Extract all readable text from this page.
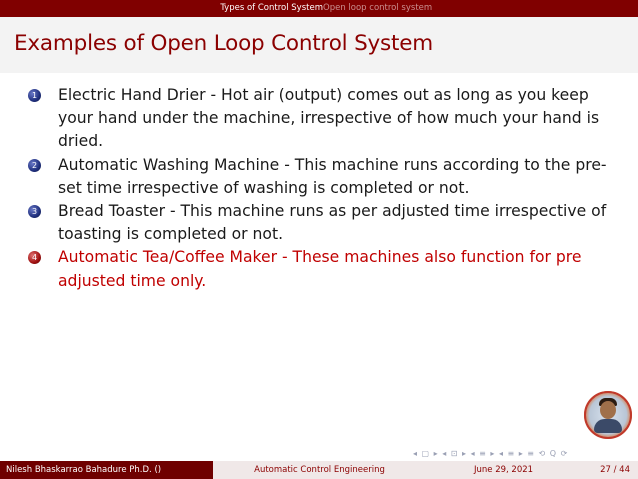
Types of Control System Open loop control system
Examples of Open Loop Control System
1 Electric Hand Drier - Hot air (output) comes out as long as you keep your hand under the machine, irrespective of how much your hand is dried.
2 Automatic Washing Machine - This machine runs according to the pre-set time irrespective of washing is completed or not.
3 Bread Toaster - This machine runs as per adjusted time irrespective of toasting is completed or not.
4 Automatic Tea/Coffee Maker - These machines also function for pre adjusted time only.
◂ ▢ ▸ ◂ ⊡ ▸ ◂ ≡ ▸ ◂ ≡ ▸ ≡ ⟲ Q ⟳
Nilesh Bhaskarrao Bahadure Ph.D. ()	Automatic Control Engineering	June 29, 2021	27 / 44
